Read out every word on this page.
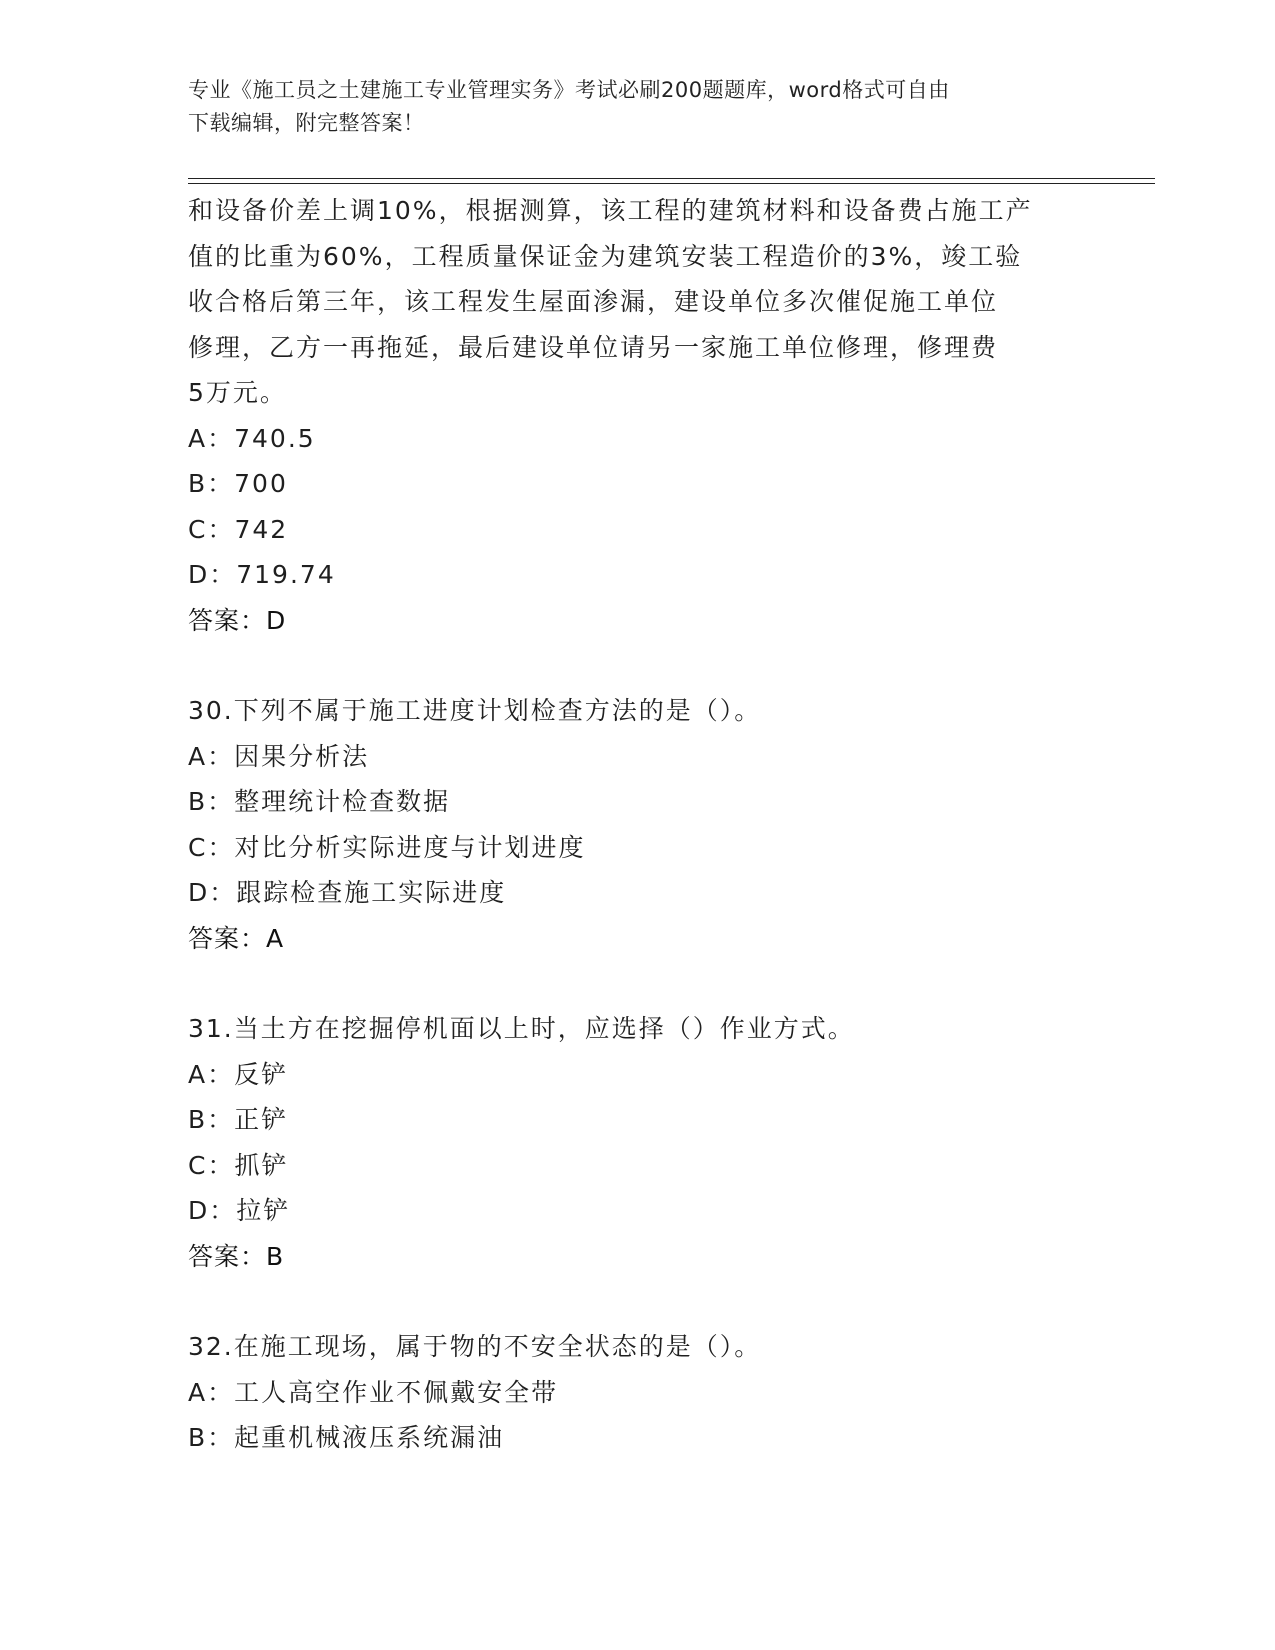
专业《施工员之土建施工专业管理实务》考试必刷200题题库，word格式可自由
下载编辑，附完整答案！
和设备价差上调10%，根据测算，该工程的建筑材料和设备费占施工产
值的比重为60%，工程质量保证金为建筑安装工程造价的3%，竣工验
收合格后第三年，该工程发生屋面渗漏，建设单位多次催促施工单位
修理，乙方一再拖延，最后建设单位请另一家施工单位修理，修理费
5万元。
A：740.5
B：700
C：742
D：719.74
答案：D
30.下列不属于施工进度计划检查方法的是（）。
A：因果分析法
B：整理统计检查数据
C：对比分析实际进度与计划进度
D：跟踪检查施工实际进度
答案：A
31.当土方在挖掘停机面以上时，应选择（）作业方式。
A：反铲
B：正铲
C：抓铲
D：拉铲
答案：B
32.在施工现场，属于物的不安全状态的是（）。
A：工人高空作业不佩戴安全带
B：起重机械液压系统漏油
